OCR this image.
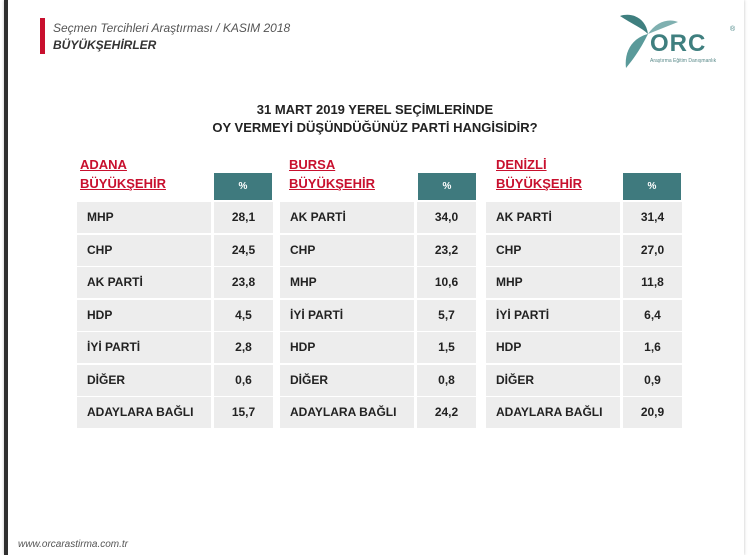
Seçmen Tercihleri Araştırması / KASIM 2018
BÜYÜKŞEHİRLER	ORC
®
Araştırma Eğitim Danışmanlık
31 MART 2019 YEREL SEÇİMLERİNDE
OY VERMEYİ DÜŞÜNDÜĞÜNÜZ PARTİ HANGİSİDİR?
ADANA
BÜYÜKŞEHİR	%
MHP	28,1
CHP	24,5
AK PARTİ	23,8
HDP	4,5
İYİ PARTİ	2,8
DİĞER	0,6
ADAYLARA BAĞLI	15,7
BURSA
BÜYÜKŞEHİR	%
AK PARTİ	34,0
CHP	23,2
MHP	10,6
İYİ PARTİ	5,7
HDP	1,5
DİĞER	0,8
ADAYLARA BAĞLI	24,2
DENİZLİ
BÜYÜKŞEHİR	%
AK PARTİ	31,4
CHP	27,0
MHP	11,8
İYİ PARTİ	6,4
HDP	1,6
DİĞER	0,9
ADAYLARA BAĞLI	20,9
www.orcarastirma.com.tr
